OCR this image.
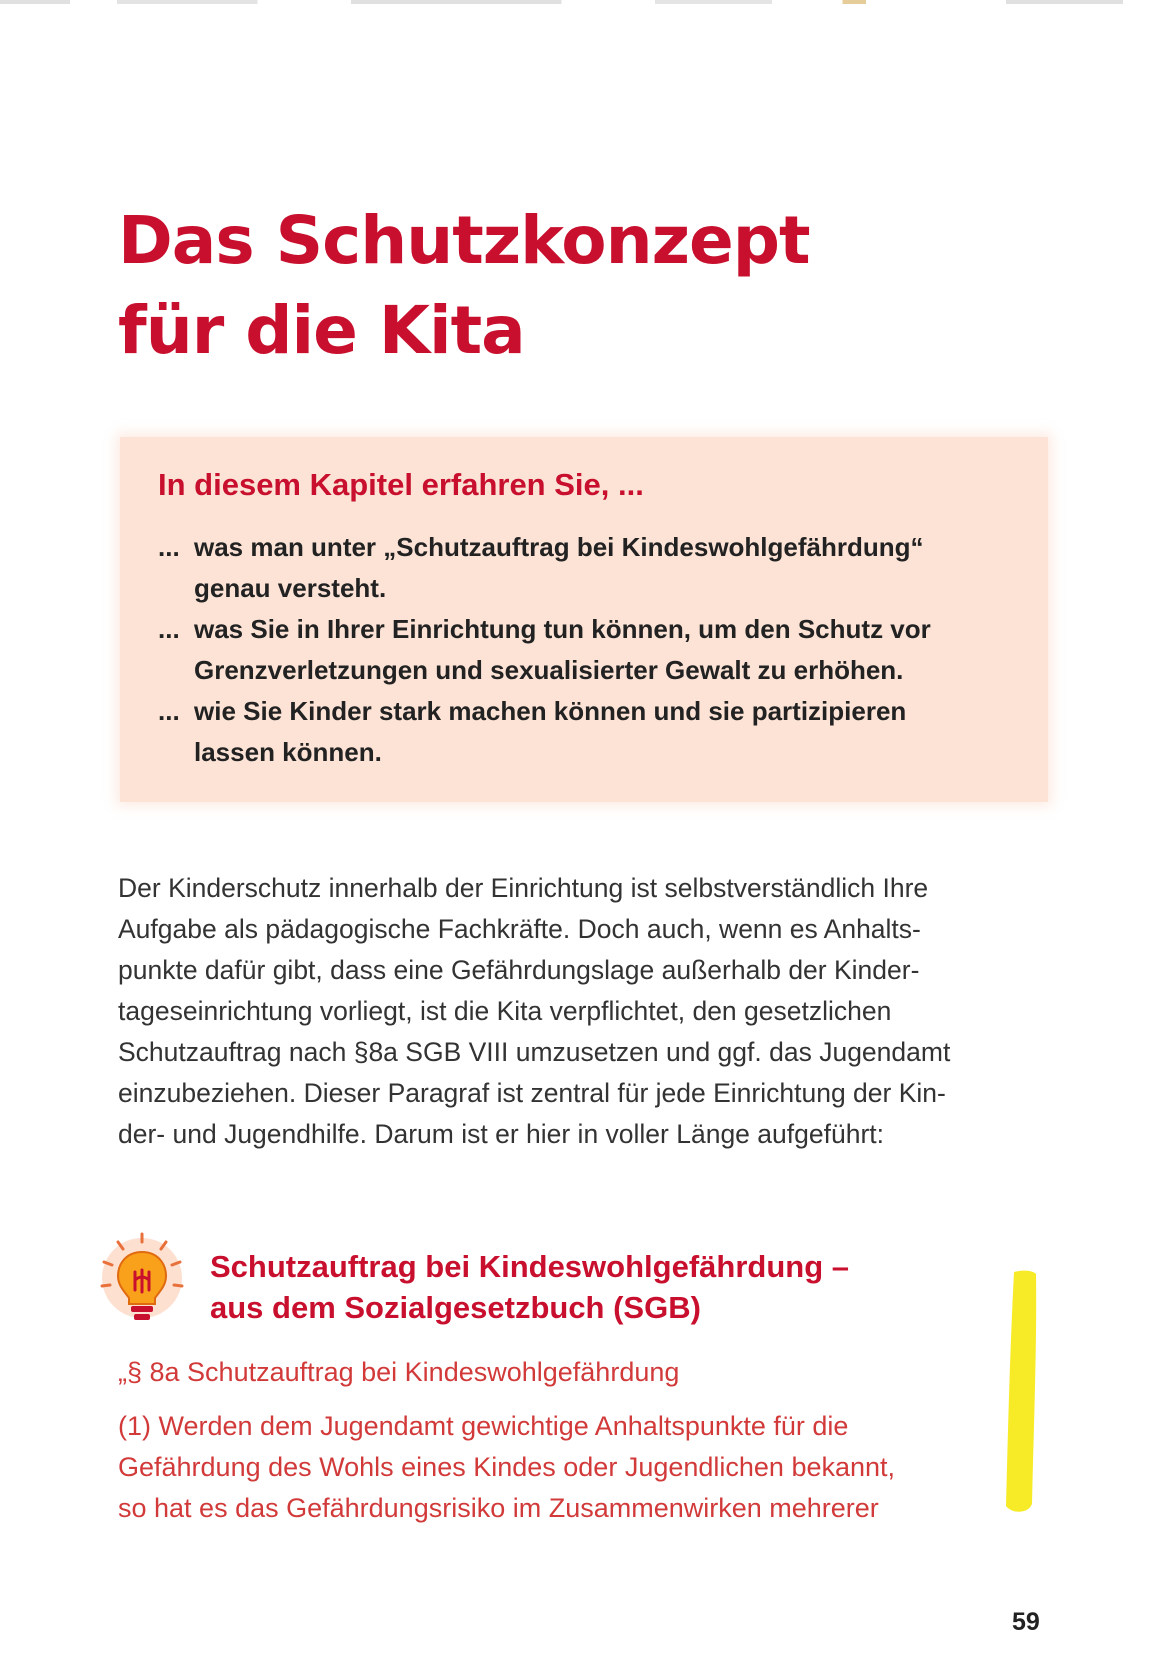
Das Schutzkonzept
für die Kita
In diesem Kapitel erfahren Sie, ...
... was man unter „Schutzauftrag bei Kindeswohlgefährdung“
genau versteht.
... was Sie in Ihrer Einrichtung tun können, um den Schutz vor
Grenzverletzungen und sexualisierter Gewalt zu erhöhen.
... wie Sie Kinder stark machen können und sie partizipieren
lassen können.

Der Kinderschutz innerhalb der Einrichtung ist selbstverständlich Ihre
Aufgabe als pädagogische Fachkräfte. Doch auch, wenn es Anhalts-
punkte dafür gibt, dass eine Gefährdungslage außerhalb der Kinder-
tageseinrichtung vorliegt, ist die Kita verpflichtet, den gesetzlichen
Schutzauftrag nach §8a SGB VIII umzusetzen und ggf. das Jugendamt
einzubeziehen. Dieser Paragraf ist zentral für jede Einrichtung der Kin-
der- und Jugendhilfe. Darum ist er hier in voller Länge aufgeführt:

Schutzauftrag bei Kindeswohlgefährdung –
aus dem Sozialgesetzbuch (SGB)

„§ 8a Schutzauftrag bei Kindeswohlgefährdung

(1) Werden dem Jugendamt gewichtige Anhaltspunkte für die
Gefährdung des Wohls eines Kindes oder Jugendlichen bekannt,
so hat es das Gefährdungsrisiko im Zusammenwirken mehrerer

59
